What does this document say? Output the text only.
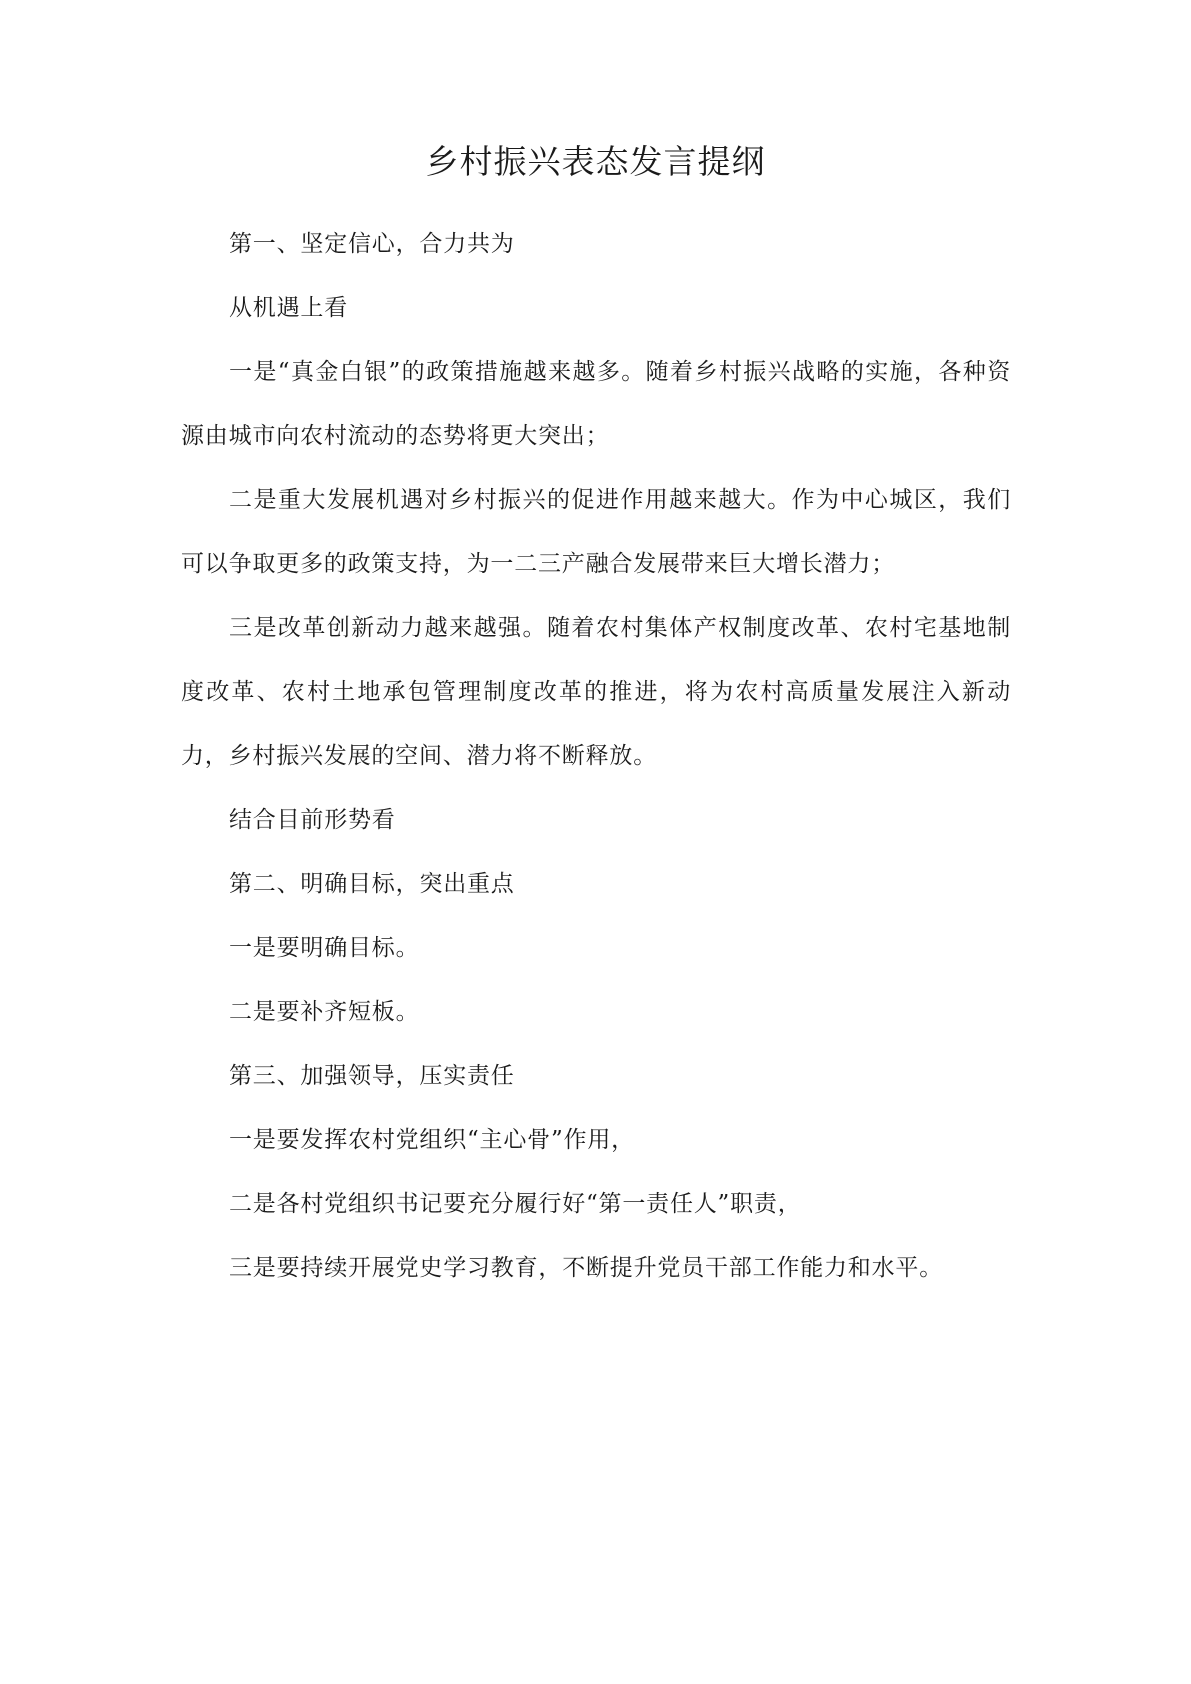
乡村振兴表态发言提纲

第一、坚定信心，合力共为

从机遇上看

一是“真金白银”的政策措施越来越多。随着乡村振兴战略的实施，各种资源由城市向农村流动的态势将更大突出；

二是重大发展机遇对乡村振兴的促进作用越来越大。作为中心城区，我们可以争取更多的政策支持，为一二三产融合发展带来巨大增长潜力；

三是改革创新动力越来越强。随着农村集体产权制度改革、农村宅基地制度改革、农村土地承包管理制度改革的推进，将为农村高质量发展注入新动力，乡村振兴发展的空间、潜力将不断释放。

结合目前形势看

第二、明确目标，突出重点

一是要明确目标。

二是要补齐短板。

第三、加强领导，压实责任

一是要发挥农村党组织“主心骨”作用，

二是各村党组织书记要充分履行好“第一责任人”职责，

三是要持续开展党史学习教育，不断提升党员干部工作能力和水平。
